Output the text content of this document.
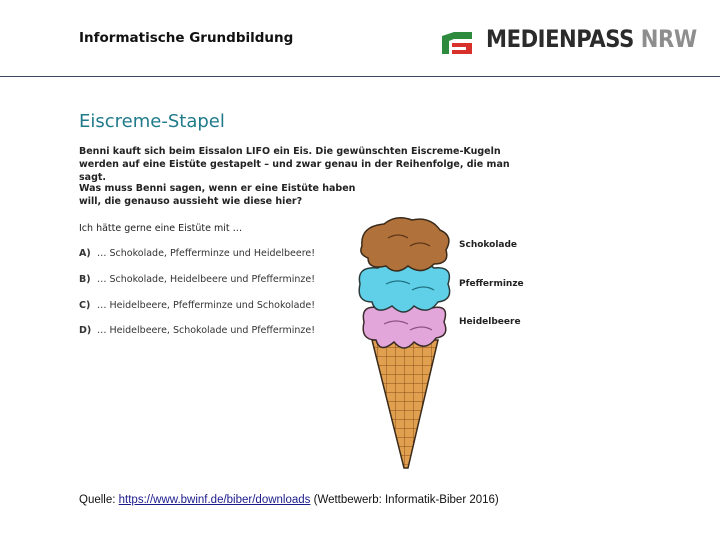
Informatische Grundbildung	MEDIENPASS NRW
Eiscreme-Stapel
Benni kauft sich beim Eissalon LIFO ein Eis. Die gewünschten Eiscreme-Kugeln werden auf eine Eistüte gestapelt – und zwar genau in der Reihenfolge, die man sagt.
Was muss Benni sagen, wenn er eine Eistüte haben will, die genauso aussieht wie diese hier?
Ich hätte gerne eine Eistüte mit …
A) … Schokolade, Pfefferminze und Heidelbeere!
B) … Schokolade, Heidelbeere und Pfefferminze!
C) … Heidelbeere, Pfefferminze und Schokolade!
D) … Heidelbeere, Schokolade und Pfefferminze!
Schokolade
Pfefferminze
Heidelbeere
Quelle: https://www.bwinf.de/biber/downloads (Wettbewerb: Informatik-Biber 2016)
